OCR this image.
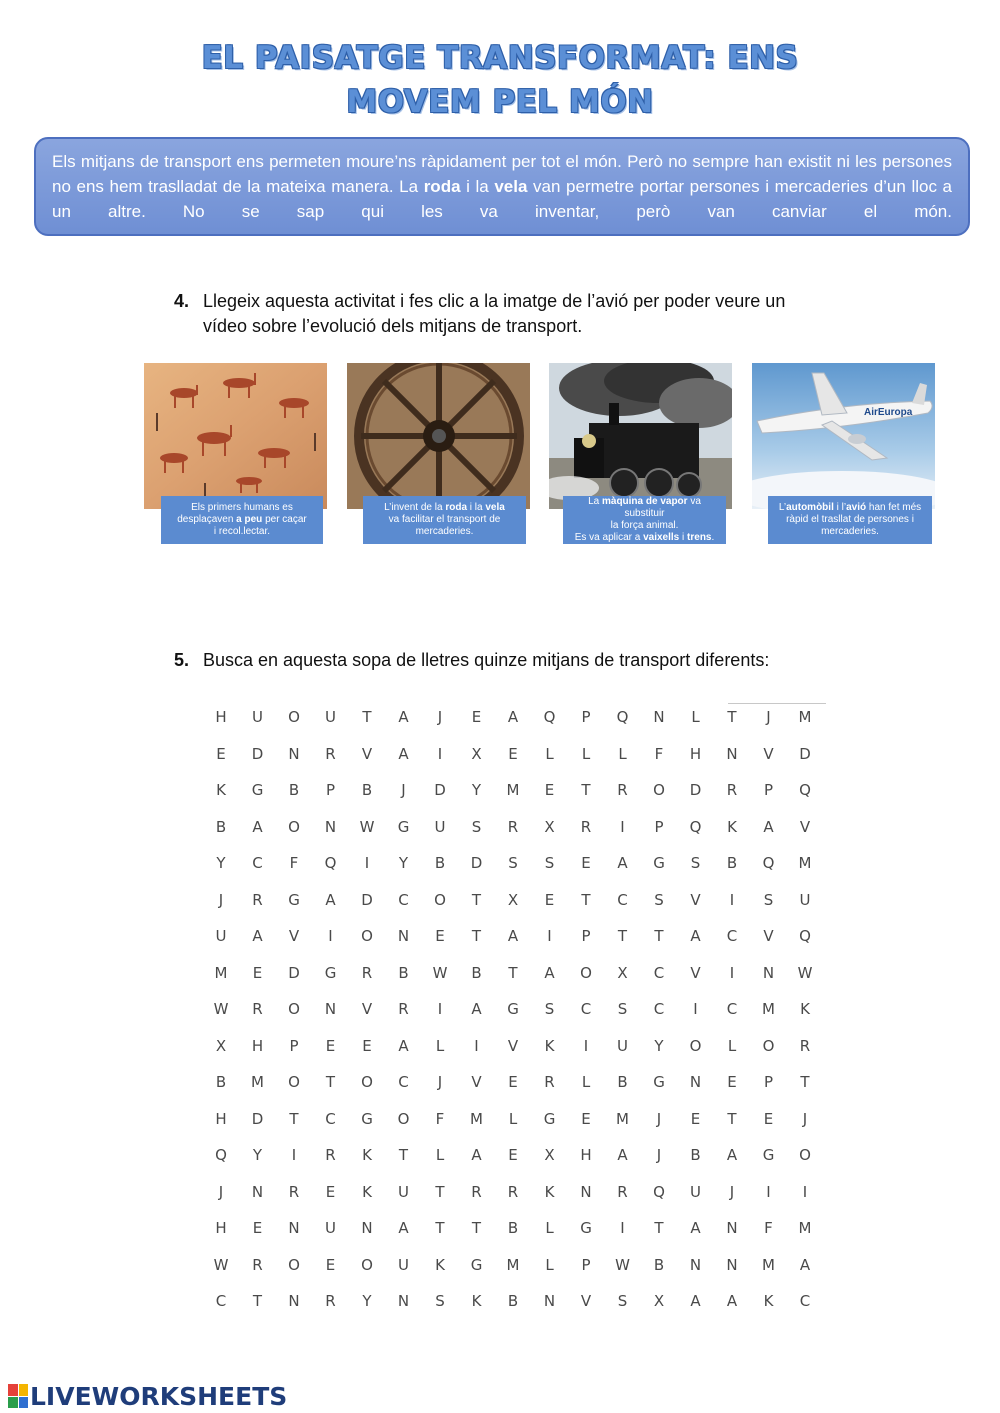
EL PAISATGE TRANSFORMAT: ENS
MOVEM PEL MÓN
Els mitjans de transport ens permeten moure’ns ràpidament per tot el món. Però no sempre han existit ni les persones no ens hem traslladat de la mateixa manera. La roda i la vela van permetre portar persones i mercaderies d’un lloc a un altre. No se sap qui les va inventar, però van canviar el món.
4. Llegeix aquesta activitat i fes clic a la imatge de l’avió per poder veure un
vídeo sobre l’evolució dels mitjans de transport.
Els primers humans es
desplaçaven a peu per caçar
i recol.lectar.
L’invent de la roda i la vela
va facilitar el transport de
mercaderies.
La màquina de vapor va substituir
la força animal.
Es va aplicar a vaixells i trens.
AirEuropa
L’automòbil i l’avió han fet més
ràpid el trasllat de persones i
mercaderies.
5. Busca en aquesta sopa de lletres quinze mitjans de transport diferents:
H	U	O	U	T	A	J	E	A	Q	P	Q	N	L	T	J	M
E	D	N	R	V	A	I	X	E	L	L	L	F	H	N	V	D
K	G	B	P	B	J	D	Y	M	E	T	R	O	D	R	P	Q
B	A	O	N	W	G	U	S	R	X	R	I	P	Q	K	A	V
Y	C	F	Q	I	Y	B	D	S	S	E	A	G	S	B	Q	M
J	R	G	A	D	C	O	T	X	E	T	C	S	V	I	S	U
U	A	V	I	O	N	E	T	A	I	P	T	T	A	C	V	Q
M	E	D	G	R	B	W	B	T	A	O	X	C	V	I	N	W
W	R	O	N	V	R	I	A	G	S	C	S	C	I	C	M	K
X	H	P	E	E	A	L	I	V	K	I	U	Y	O	L	O	R
B	M	O	T	O	C	J	V	E	R	L	B	G	N	E	P	T
H	D	T	C	G	O	F	M	L	G	E	M	J	E	T	E	J
Q	Y	I	R	K	T	L	A	E	X	H	A	J	B	A	G	O
J	N	R	E	K	U	T	R	R	K	N	R	Q	U	J	I	I
H	E	N	U	N	A	T	T	B	L	G	I	T	A	N	F	M
W	R	O	E	O	U	K	G	M	L	P	W	B	N	N	M	A
C	T	N	R	Y	N	S	K	B	N	V	S	X	A	A	K	C
LIVEWORKSHEETS
